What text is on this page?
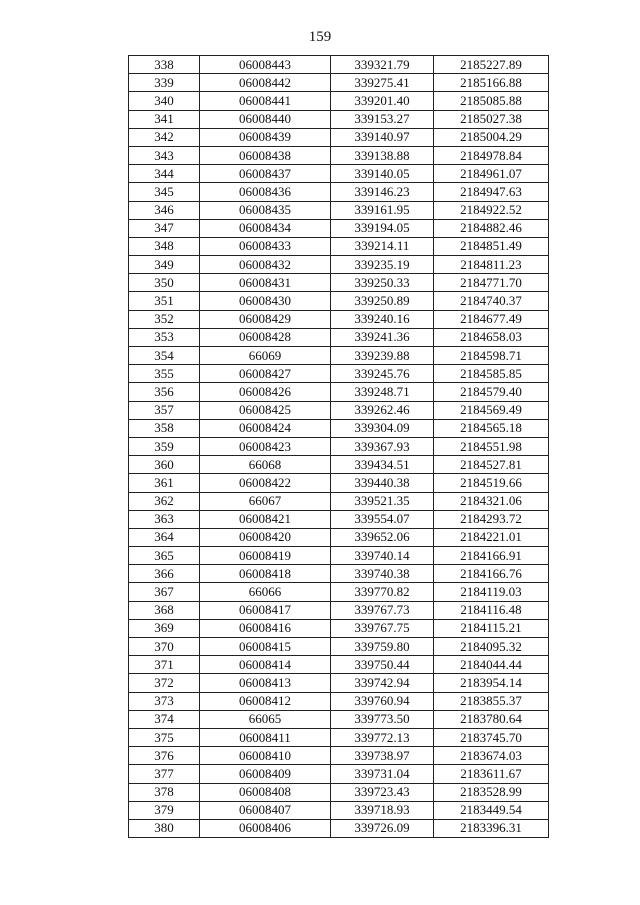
159
338	06008443	339321.79	2185227.89
339	06008442	339275.41	2185166.88
340	06008441	339201.40	2185085.88
341	06008440	339153.27	2185027.38
342	06008439	339140.97	2185004.29
343	06008438	339138.88	2184978.84
344	06008437	339140.05	2184961.07
345	06008436	339146.23	2184947.63
346	06008435	339161.95	2184922.52
347	06008434	339194.05	2184882.46
348	06008433	339214.11	2184851.49
349	06008432	339235.19	2184811.23
350	06008431	339250.33	2184771.70
351	06008430	339250.89	2184740.37
352	06008429	339240.16	2184677.49
353	06008428	339241.36	2184658.03
354	66069	339239.88	2184598.71
355	06008427	339245.76	2184585.85
356	06008426	339248.71	2184579.40
357	06008425	339262.46	2184569.49
358	06008424	339304.09	2184565.18
359	06008423	339367.93	2184551.98
360	66068	339434.51	2184527.81
361	06008422	339440.38	2184519.66
362	66067	339521.35	2184321.06
363	06008421	339554.07	2184293.72
364	06008420	339652.06	2184221.01
365	06008419	339740.14	2184166.91
366	06008418	339740.38	2184166.76
367	66066	339770.82	2184119.03
368	06008417	339767.73	2184116.48
369	06008416	339767.75	2184115.21
370	06008415	339759.80	2184095.32
371	06008414	339750.44	2184044.44
372	06008413	339742.94	2183954.14
373	06008412	339760.94	2183855.37
374	66065	339773.50	2183780.64
375	06008411	339772.13	2183745.70
376	06008410	339738.97	2183674.03
377	06008409	339731.04	2183611.67
378	06008408	339723.43	2183528.99
379	06008407	339718.93	2183449.54
380	06008406	339726.09	2183396.31
